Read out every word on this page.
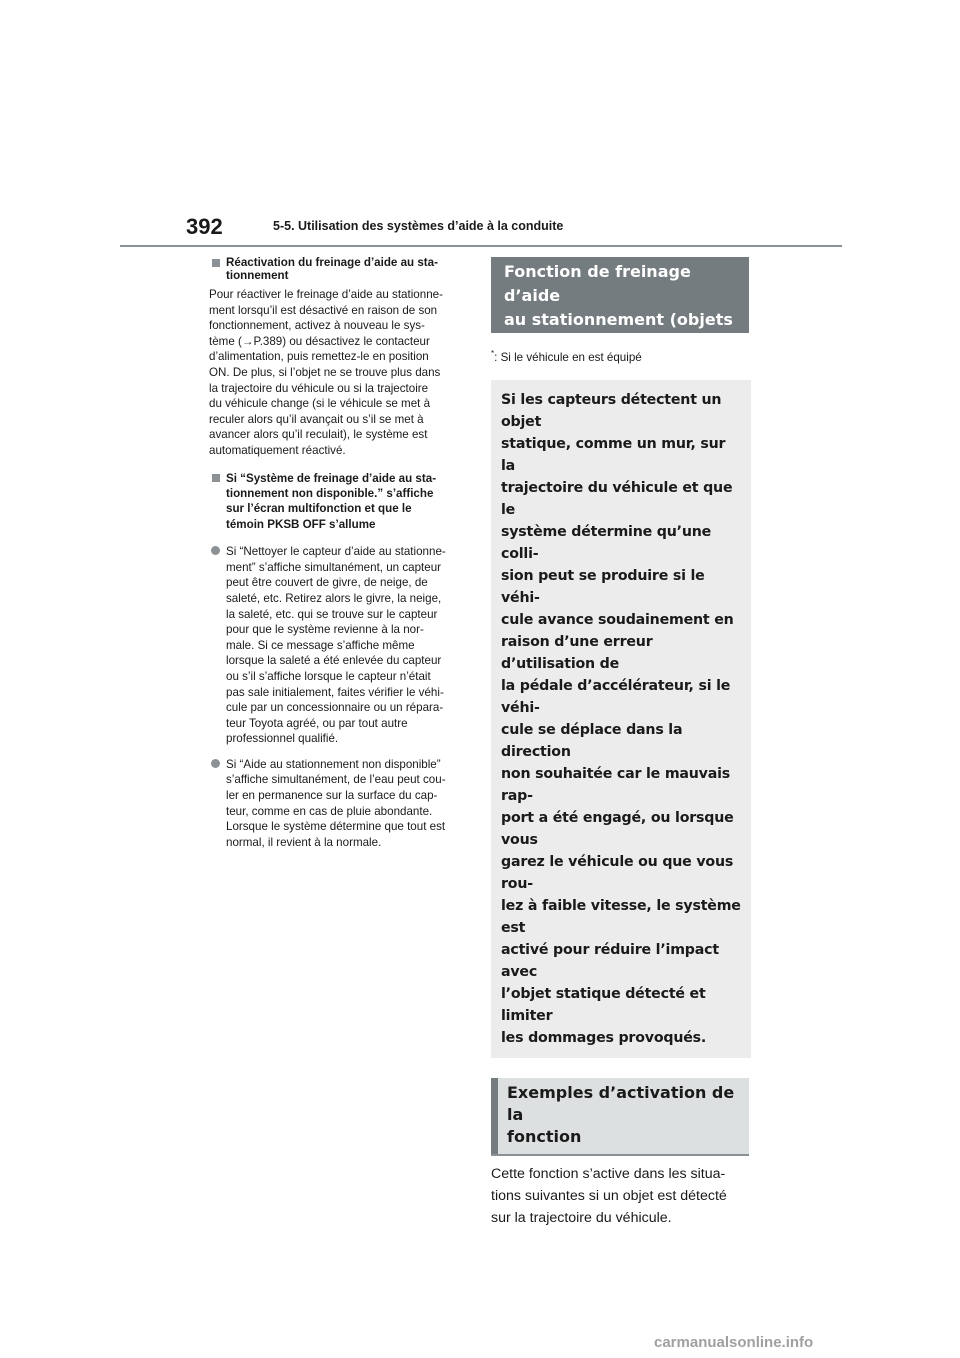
392	5-5. Utilisation des systèmes d’aide à la conduite
Réactivation du freinage d’aide au sta-
tionnement
Pour réactiver le freinage d’aide au stationne-
ment lorsqu’il est désactivé en raison de son
fonctionnement, activez à nouveau le sys-
tème (→P.389) ou désactivez le contacteur
d’alimentation, puis remettez-le en position
ON. De plus, si l’objet ne se trouve plus dans
la trajectoire du véhicule ou si la trajectoire
du véhicule change (si le véhicule se met à
reculer alors qu’il avançait ou s’il se met à
avancer alors qu’il reculait), le système est
automatiquement réactivé.
Si “Système de freinage d’aide au sta-
tionnement non disponible.” s’affiche
sur l’écran multifonction et que le
témoin PKSB OFF s’allume
Si “Nettoyer le capteur d’aide au stationne-
ment” s’affiche simultanément, un capteur
peut être couvert de givre, de neige, de
saleté, etc. Retirez alors le givre, la neige,
la saleté, etc. qui se trouve sur le capteur
pour que le système revienne à la nor-
male. Si ce message s’affiche même
lorsque la saleté a été enlevée du capteur
ou s’il s’affiche lorsque le capteur n’était
pas sale initialement, faites vérifier le véhi-
cule par un concessionnaire ou un répara-
teur Toyota agréé, ou par tout autre
professionnel qualifié.
Si “Aide au stationnement non disponible”
s’affiche simultanément, de l’eau peut cou-
ler en permanence sur la surface du cap-
teur, comme en cas de pluie abondante.
Lorsque le système détermine que tout est
normal, il revient à la normale.
Fonction de freinage d’aide
au stationnement (objets
statiques)*
*: Si le véhicule en est équipé
Si les capteurs détectent un objet
statique, comme un mur, sur la
trajectoire du véhicule et que le
système détermine qu’une colli-
sion peut se produire si le véhi-
cule avance soudainement en
raison d’une erreur d’utilisation de
la pédale d’accélérateur, si le véhi-
cule se déplace dans la direction
non souhaitée car le mauvais rap-
port a été engagé, ou lorsque vous
garez le véhicule ou que vous rou-
lez à faible vitesse, le système est
activé pour réduire l’impact avec
l’objet statique détecté et limiter
les dommages provoqués.
Exemples d’activation de la
fonction
Cette fonction s’active dans les situa-
tions suivantes si un objet est détecté
sur la trajectoire du véhicule.
carmanualsonline.info
